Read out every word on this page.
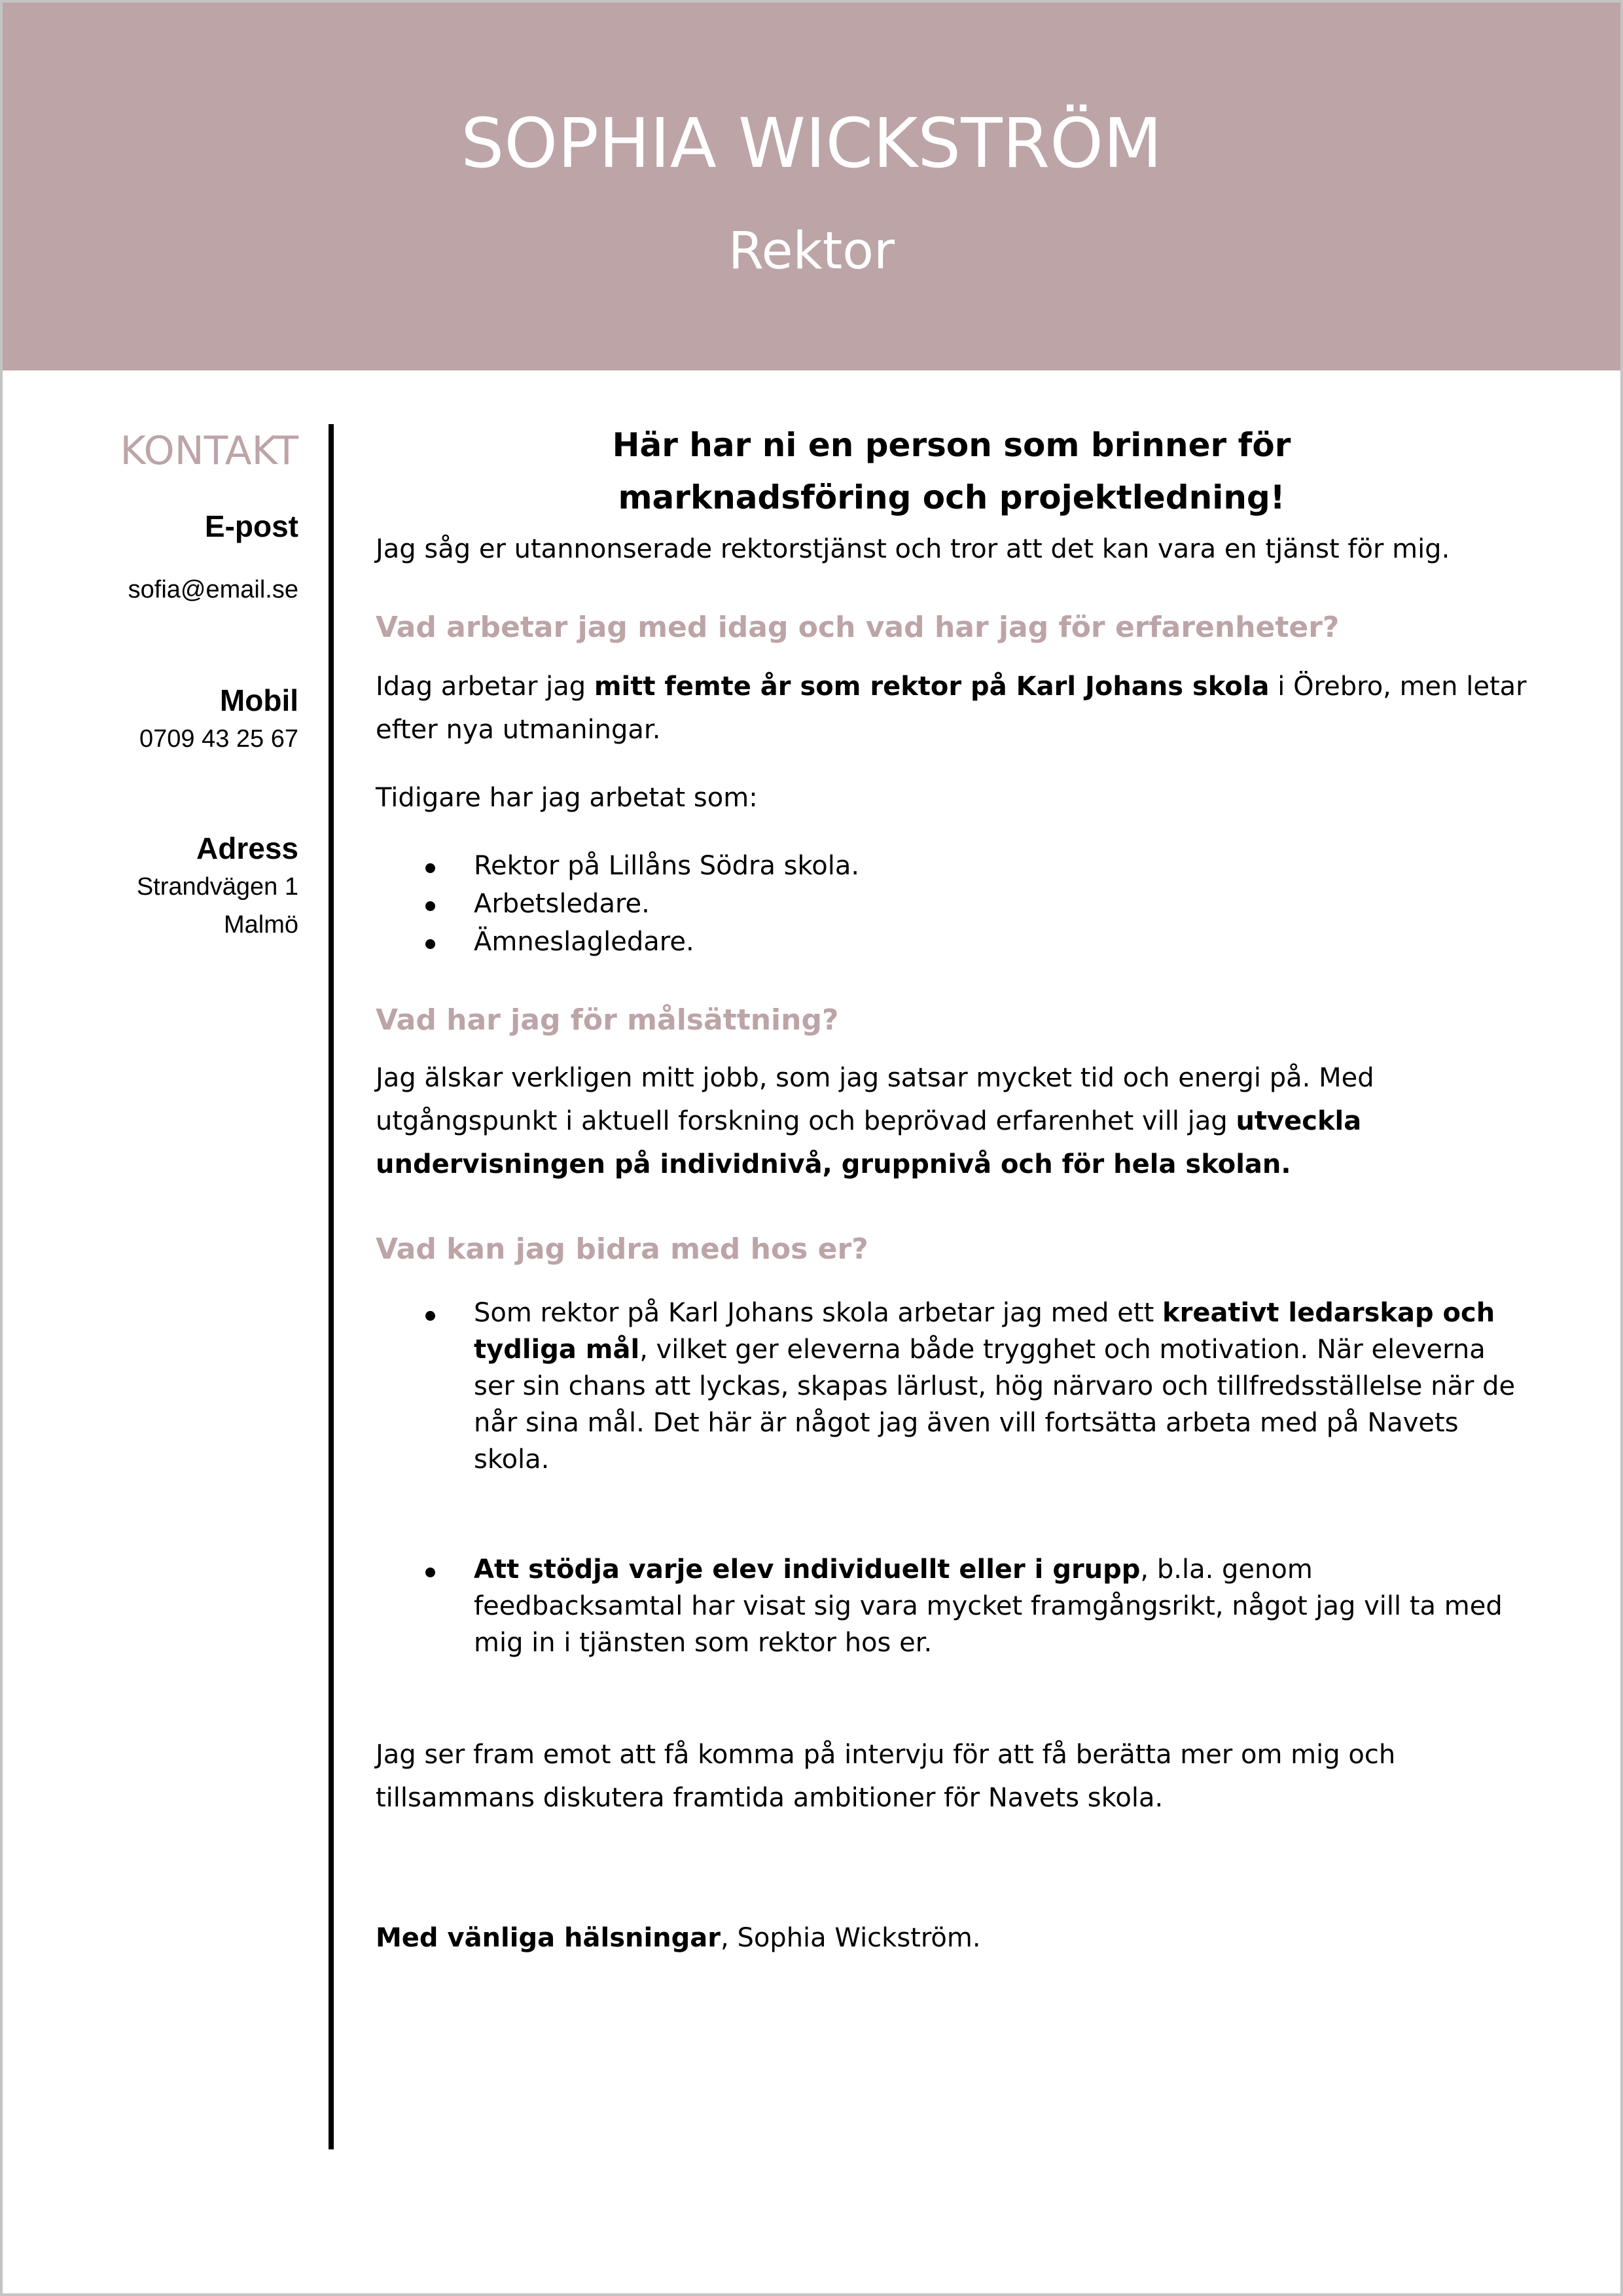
SOPHIA WICKSTRÖM
Rektor
KONTAKT
E-post
sofia@email.se
Mobil
0709 43 25 67
Adress
Strandvägen 1
Malmö
Här har ni en person som brinner för
marknadsföring och projektledning!

Jag såg er utannonserade rektorstjänst och tror att det kan vara en tjänst för mig.

Vad arbetar jag med idag och vad har jag för erfarenheter?

Idag arbetar jag mitt femte år som rektor på Karl Johans skola i Örebro, men letar efter nya utmaningar.

Tidigare har jag arbetat som:

Rektor på Lillåns Södra skola.
Arbetsledare.
Ämneslagledare.
Vad har jag för målsättning?

Jag älskar verkligen mitt jobb, som jag satsar mycket tid och energi på. Med utgångspunkt i aktuell forskning och beprövad erfarenhet vill jag utveckla undervisningen på individnivå, gruppnivå och för hela skolan.

Vad kan jag bidra med hos er?
Som rektor på Karl Johans skola arbetar jag med ett kreativt ledarskap och tydliga mål, vilket ger eleverna både trygghet och motivation. När eleverna ser sin chans att lyckas, skapas lärlust, hög närvaro och tillfredsställelse när de når sina mål. Det här är något jag även vill fortsätta arbeta med på Navets skola.
Att stödja varje elev individuellt eller i grupp, b.la. genom feedbacksamtal har visat sig vara mycket framgångsrikt, något jag vill ta med mig in i tjänsten som rektor hos er.

Jag ser fram emot att få komma på intervju för att få berätta mer om mig och tillsammans diskutera framtida ambitioner för Navets skola.

Med vänliga hälsningar, Sophia Wickström.
